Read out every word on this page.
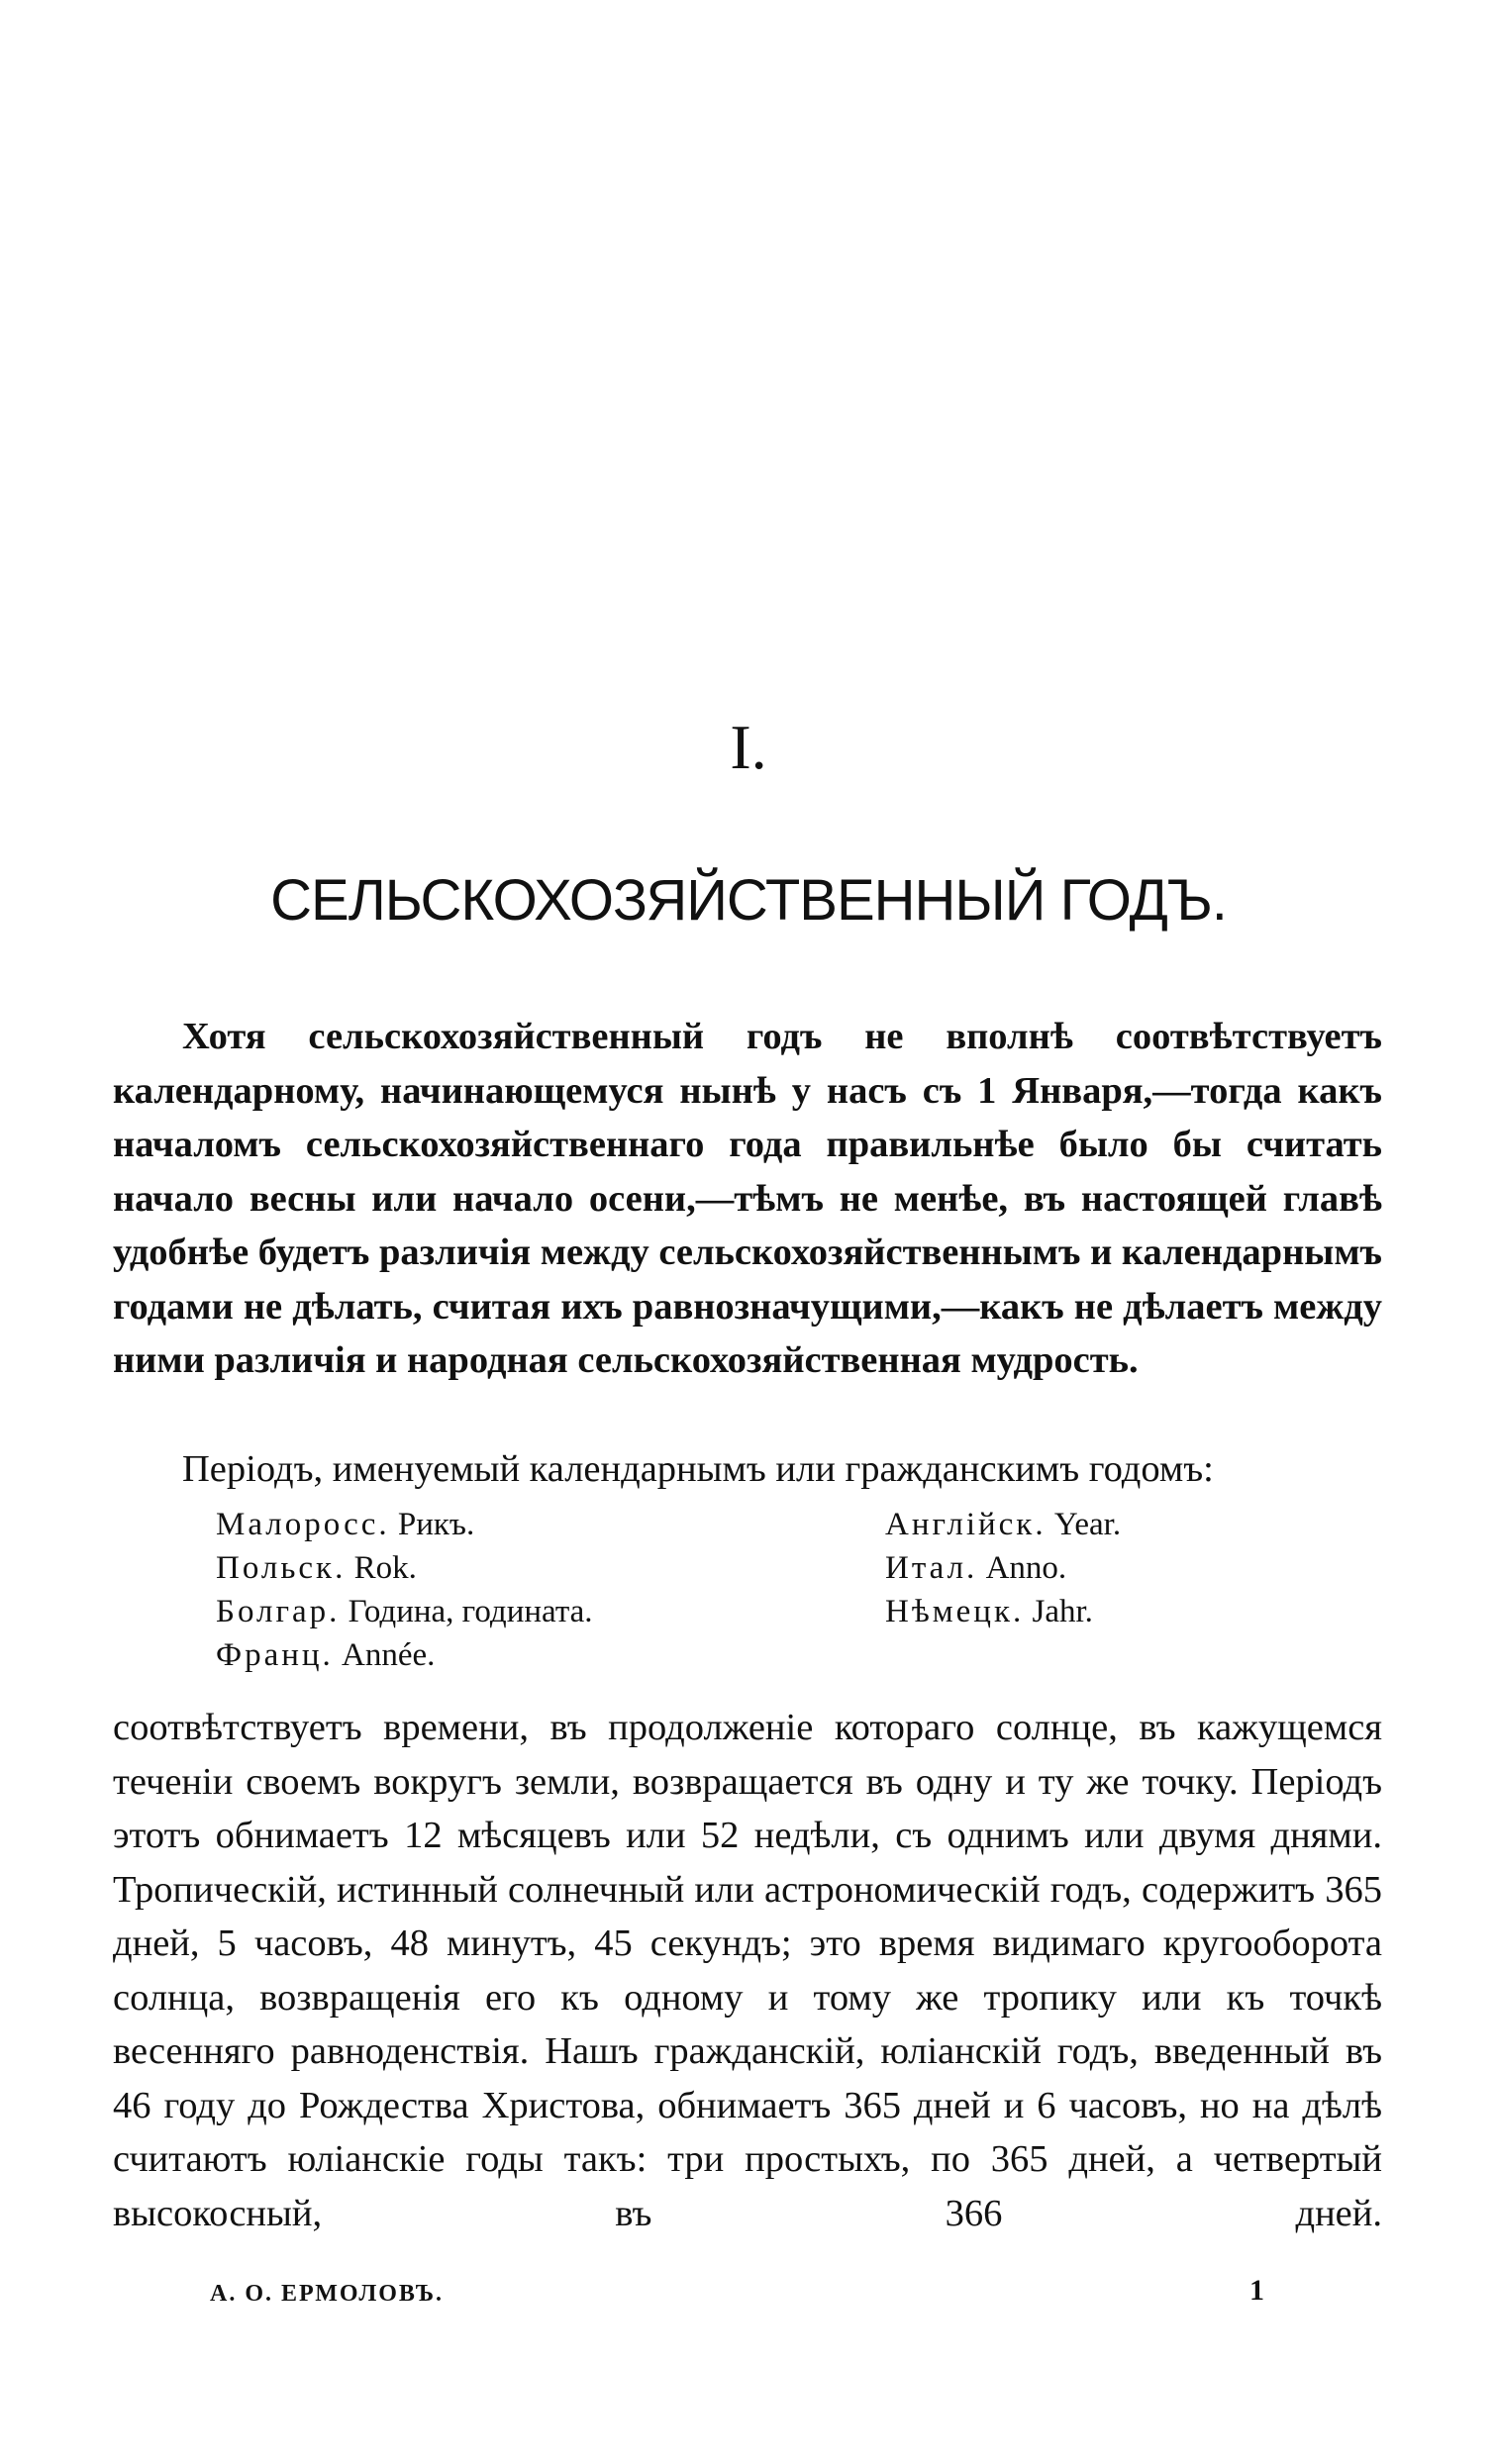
I.
СЕЛЬСКОХОЗЯЙСТВЕННЫЙ ГОДЪ.

Хотя сельскохозяйственный годъ не вполнѣ соотвѣтствуетъ календарному, начинающемуся нынѣ у насъ съ 1 Января,—тогда какъ началомъ сельскохозяйственнаго года правильнѣе было бы считать начало весны или начало осени,—тѣмъ не менѣе, въ настоящей главѣ удобнѣе будетъ различія между сельскохозяйственнымъ и календарнымъ годами не дѣлать, считая ихъ равнозначущими,—какъ не дѣлаетъ между ними различія и народная сельскохозяйственная мудрость.

Періодъ, именуемый календарнымъ или гражданскимъ годомъ:

Малоросс. Рикъ.
Польск. Rok.
Болгар. Година, годината.
Франц. Année.
Англійск. Year.
Итал. Anno.
Нѣмецк. Jahr.

соотвѣтствуетъ времени, въ продолженіе котораго солнце, въ кажущемся теченіи своемъ вокругъ земли, возвращается въ одну и ту же точку. Періодъ этотъ обнимаетъ 12 мѣсяцевъ или 52 недѣли, съ однимъ или двумя днями. Тропическій, истинный солнечный или астрономическій годъ, содержитъ 365 дней, 5 часовъ, 48 минутъ, 45 секундъ; это время видимаго кругооборота солнца, возвращенія его къ одному и тому же тропику или къ точкѣ весенняго равноденствія. Нашъ гражданскій, юліанскій годъ, введенный въ 46 году до Рождества Христова, обнимаетъ 365 дней и 6 часовъ, но на дѣлѣ считаютъ юліанскіе годы такъ: три простыхъ, по 365 дней, а четвертый высокосный, въ 366 дней.

А. О. ЕРМОЛОВЪ.	1
